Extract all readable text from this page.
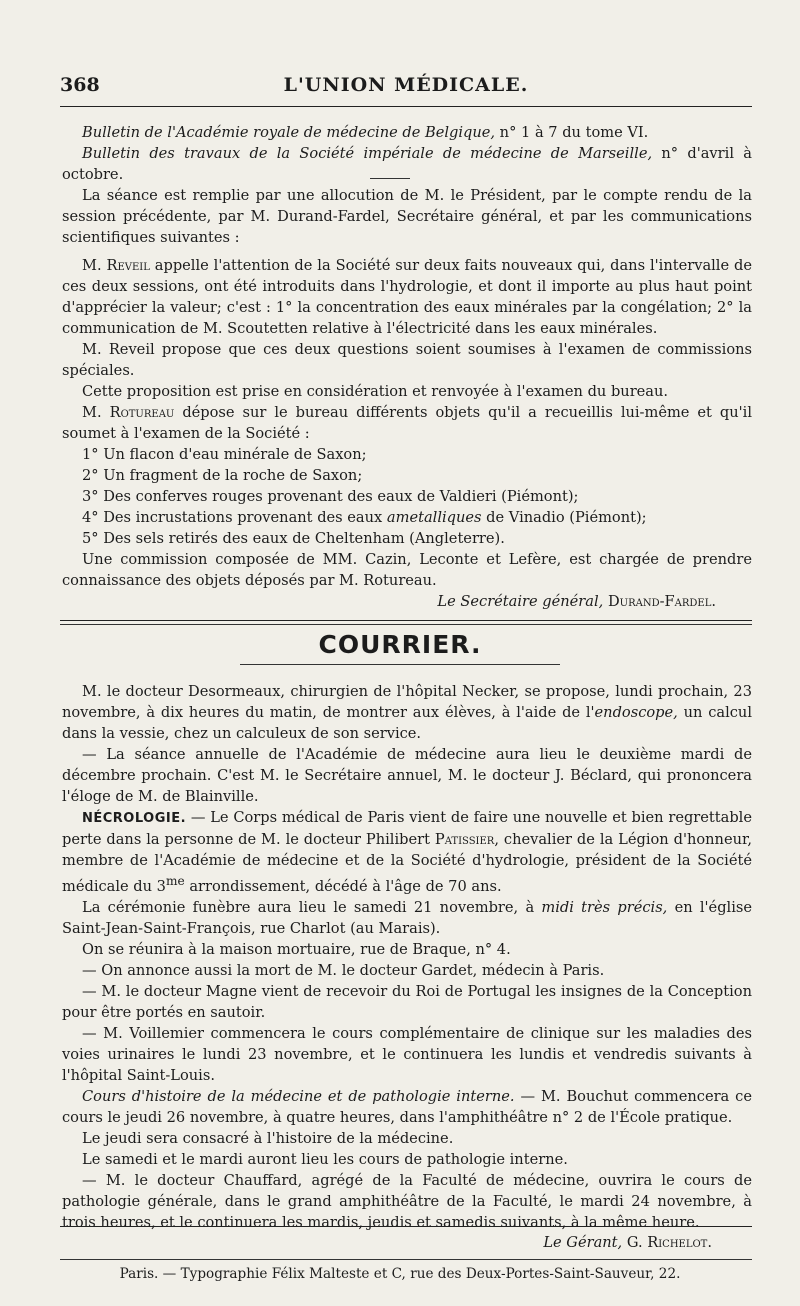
368	L'UNION MÉDICALE.

Bulletin de l'Académie royale de médecine de Belgique, n° 1 à 7 du tome VI.

Bulletin des travaux de la Société impériale de médecine de Marseille, n° d'avril à octobre.

La séance est remplie par une allocution de M. le Président, par le compte rendu de la session précédente, par M. Durand-Fardel, Secrétaire général, et par les communications scientifiques suivantes :

M. Reveil appelle l'attention de la Société sur deux faits nouveaux qui, dans l'intervalle de ces deux sessions, ont été introduits dans l'hydrologie, et dont il importe au plus haut point d'apprécier la valeur; c'est : 1° la concentration des eaux minérales par la congélation; 2° la communication de M. Scoutetten relative à l'électricité dans les eaux minérales.

M. Reveil propose que ces deux questions soient soumises à l'examen de commissions spéciales.

Cette proposition est prise en considération et renvoyée à l'examen du bureau.

M. Rotureau dépose sur le bureau différents objets qu'il a recueillis lui-même et qu'il soumet à l'examen de la Société :

1° Un flacon d'eau minérale de Saxon;

2° Un fragment de la roche de Saxon;

3° Des conferves rouges provenant des eaux de Valdieri (Piémont);

4° Des incrustations provenant des eaux ametalliques de Vinadio (Piémont);

5° Des sels retirés des eaux de Cheltenham (Angleterre).

Une commission composée de MM. Cazin, Leconte et Lefère, est chargée de prendre connaissance des objets déposés par M. Rotureau.

Le Secrétaire général, Durand-Fardel.

COURRIER.

M. le docteur Desormeaux, chirurgien de l'hôpital Necker, se propose, lundi prochain, 23 novembre, à dix heures du matin, de montrer aux élèves, à l'aide de l'endoscope, un calcul dans la vessie, chez un calculeux de son service.

— La séance annuelle de l'Académie de médecine aura lieu le deuxième mardi de décembre prochain. C'est M. le Secrétaire annuel, M. le docteur J. Béclard, qui prononcera l'éloge de M. de Blainville.

NÉCROLOGIE. — Le Corps médical de Paris vient de faire une nouvelle et bien regrettable perte dans la personne de M. le docteur Philibert Patissier, chevalier de la Légion d'honneur, membre de l'Académie de médecine et de la Société d'hydrologie, président de la Société médicale du $3^{me}$ arrondissement, décédé à l'âge de 70 ans.

La cérémonie funèbre aura lieu le samedi 21 novembre, à midi très précis, en l'église Saint-Jean-Saint-François, rue Charlot (au Marais).

On se réunira à la maison mortuaire, rue de Braque, n° 4.

— On annonce aussi la mort de M. le docteur Gardet, médecin à Paris.

— M. le docteur Magne vient de recevoir du Roi de Portugal les insignes de la Conception pour être portés en sautoir.

— M. Voillemier commencera le cours complémentaire de clinique sur les maladies des voies urinaires le lundi 23 novembre, et le continuera les lundis et vendredis suivants à l'hôpital Saint-Louis.

Cours d'histoire de la médecine et de pathologie interne. — M. Bouchut commencera ce cours le jeudi 26 novembre, à quatre heures, dans l'amphithéâtre n° 2 de l'École pratique.

Le jeudi sera consacré à l'histoire de la médecine.

Le samedi et le mardi auront lieu les cours de pathologie interne.

— M. le docteur Chauffard, agrégé de la Faculté de médecine, ouvrira le cours de pathologie générale, dans le grand amphithéâtre de la Faculté, le mardi 24 novembre, à trois heures, et le continuera les mardis, jeudis et samedis suivants, à la même heure.

Le Gérant, G. Richelot.
Paris. — Typographie Félix Malteste et C, rue des Deux-Portes-Saint-Sauveur, 22.
